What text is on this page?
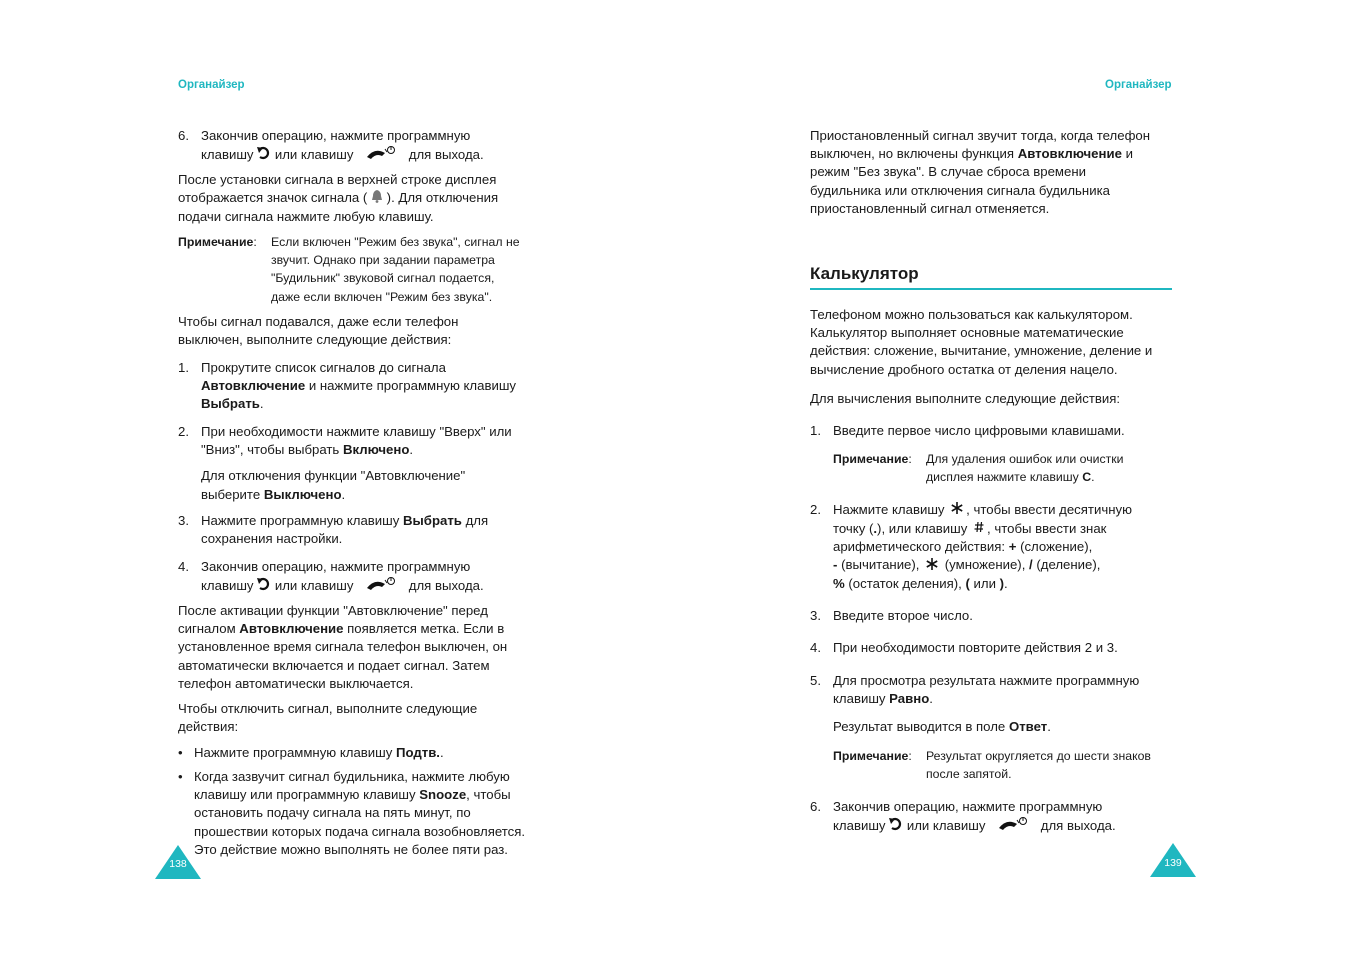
Органайзер
6. Закончив операцию, нажмите программную
клавишу или клавишу	для выхода.
После установки сигнала в верхней строке дисплея
отображается значок сигнала ( ). Для отключения
подачи сигнала нажмите любую клавишу.
Примечание: Если включен "Режим без звука", сигнал не
звучит. Однако при задании параметра
"Будильник" звуковой сигнал подается,
даже если включен "Режим без звука".
Чтобы сигнал подавался, даже если телефон
выключен, выполните следующие действия:
1. Прокрутите список сигналов до сигнала
Автовключение и нажмите программную клавишу
Выбрать.
2. При необходимости нажмите клавишу "Вверх" или
"Вниз", чтобы выбрать Включено.
Для отключения функции "Автовключение"
выберите Выключено.
3. Нажмите программную клавишу Выбрать для
сохранения настройки.
4. Закончив операцию, нажмите программную
клавишу или клавишу	для выхода.
После активации функции "Автовключение" перед
сигналом Автовключение появляется метка. Если в
установленное время сигнала телефон выключен, он
автоматически включается и подает сигнал. Затем
телефон автоматически выключается.
Чтобы отключить сигнал, выполните следующие
действия:
• Нажмите программную клавишу Подтв..
• Когда зазвучит сигнал будильника, нажмите любую
клавишу или программную клавишу Snooze, чтобы
остановить подачу сигнала на пять минут, по
прошествии которых подача сигнала возобновляется.
Это действие можно выполнять не более пяти раз.
138
Органайзер
Приостановленный сигнал звучит тогда, когда телефон
выключен, но включены функция Автовключение и
режим "Без звука". В случае сброса времени
будильника или отключения сигнала будильника
приостановленный сигнал отменяется.
Калькулятор
Телефоном можно пользоваться как калькулятором.
Калькулятор выполняет основные математические
действия: сложение, вычитание, умножение, деление и
вычисление дробного остатка от деления нацело.
Для вычисления выполните следующие действия:
1. Введите первое число цифровыми клавишами.
Примечание: Для удаления ошибок или очистки
дисплея нажмите клавишу C.
2. Нажмите клавишу , чтобы ввести десятичную
точку (.), или клавишу , чтобы ввести знак
арифметического действия: + (сложение),
- (вычитание),  (умножение), / (деление),
% (остаток деления), ( или ).
3. Введите второе число.
4. При необходимости повторите действия 2 и 3.
5. Для просмотра результата нажмите программную
клавишу Равно.
Результат выводится в поле Ответ.
Примечание: Результат округляется до шести знаков
после запятой.
6. Закончив операцию, нажмите программную
клавишу или клавишу	для выхода.
139
